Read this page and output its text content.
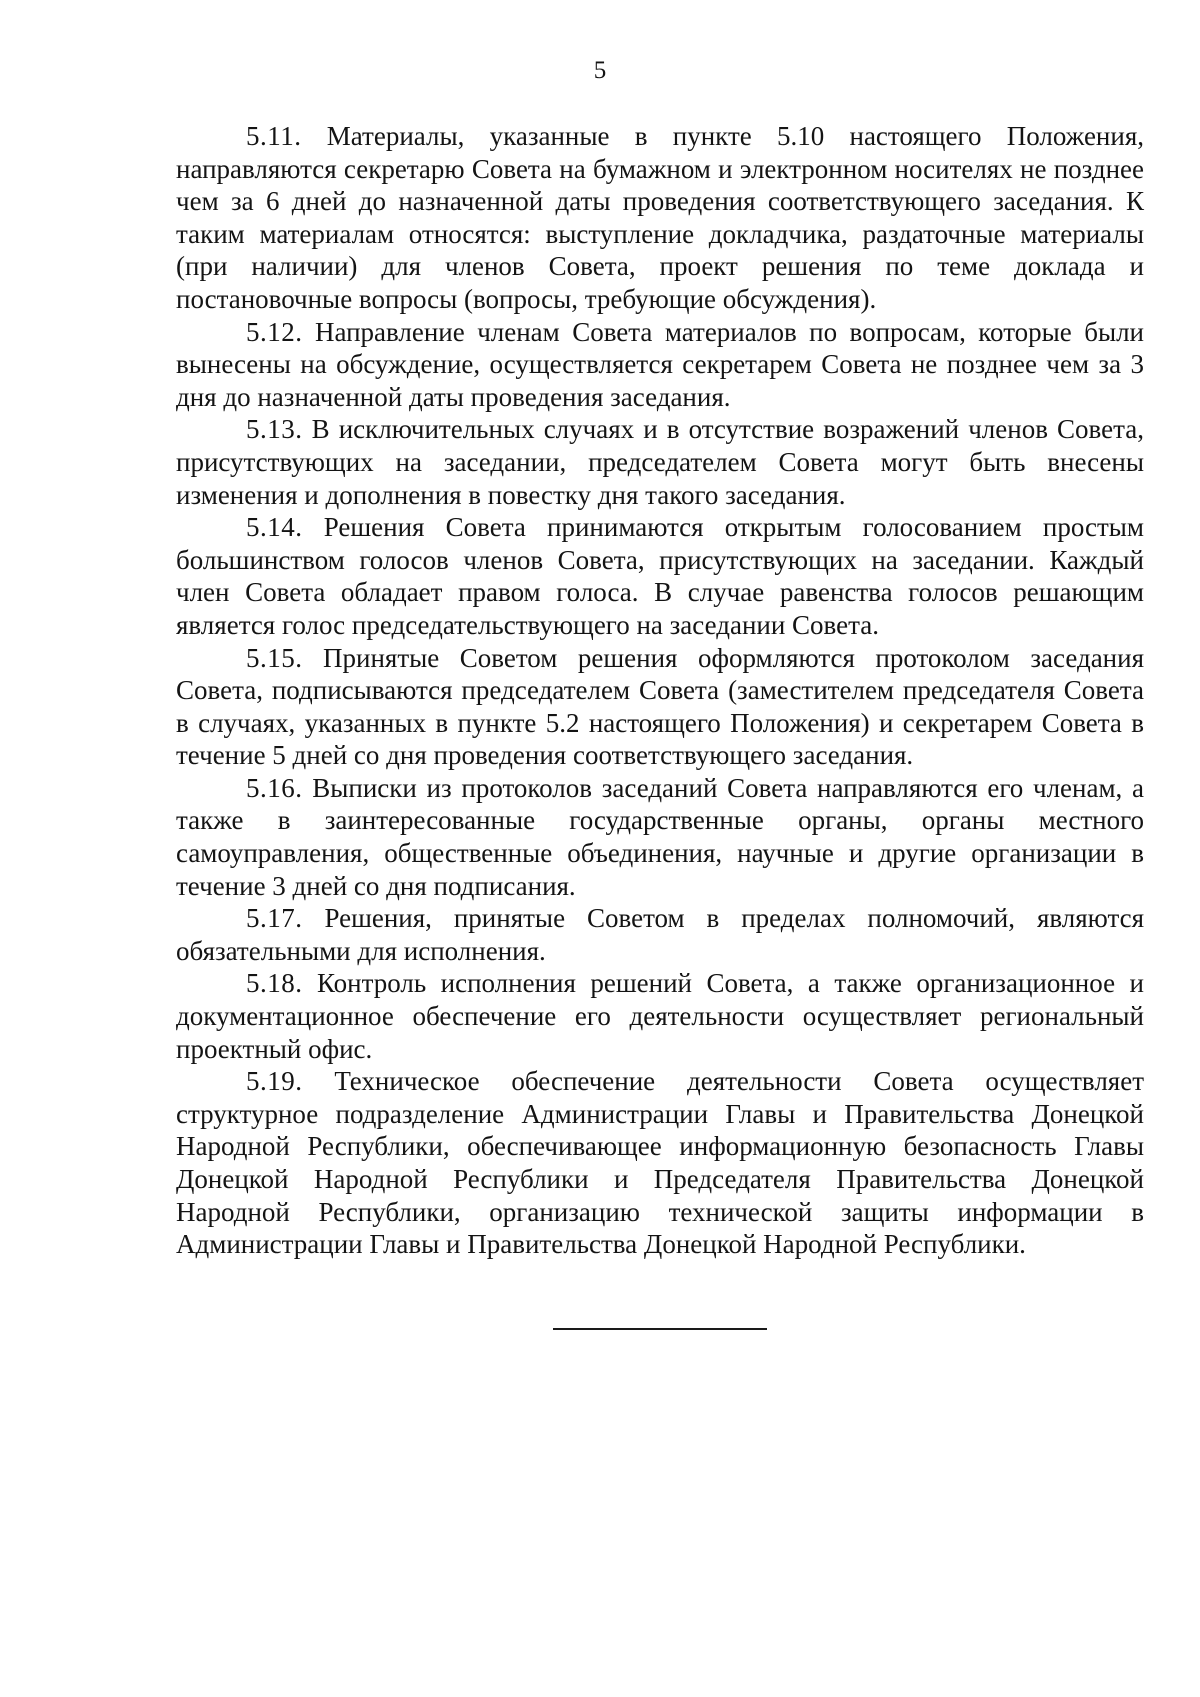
5

5.11. Материалы, указанные в пункте 5.10 настоящего Положения, направляются секретарю Совета на бумажном и электронном носителях не позднее чем за 6 дней до назначенной даты проведения соответствующего заседания. К таким материалам относятся: выступление докладчика, раздаточные материалы (при наличии) для членов Совета, проект решения по теме доклада и постановочные вопросы (вопросы, требующие обсуждения).

5.12. Направление членам Совета материалов по вопросам, которые были вынесены на обсуждение, осуществляется секретарем Совета не позднее чем за 3 дня до назначенной даты проведения заседания.

5.13. В исключительных случаях и в отсутствие возражений членов Совета, присутствующих на заседании, председателем Совета могут быть внесены изменения и дополнения в повестку дня такого заседания.

5.14. Решения Совета принимаются открытым голосованием простым большинством голосов членов Совета, присутствующих на заседании. Каждый член Совета обладает правом голоса. В случае равенства голосов решающим является голос председательствующего на заседании Совета.

5.15. Принятые Советом решения оформляются протоколом заседания Совета, подписываются председателем Совета (заместителем председателя Совета в случаях, указанных в пункте 5.2 настоящего Положения) и секретарем Совета в течение 5 дней со дня проведения соответствующего заседания.

5.16. Выписки из протоколов заседаний Совета направляются его членам, а также в заинтересованные государственные органы, органы местного самоуправления, общественные объединения, научные и другие организации в течение 3 дней со дня подписания.

5.17. Решения, принятые Советом в пределах полномочий, являются обязательными для исполнения.

5.18. Контроль исполнения решений Совета, а также организационное и документационное обеспечение его деятельности осуществляет региональный проектный офис.

5.19. Техническое обеспечение деятельности Совета осуществляет структурное подразделение Администрации Главы и Правительства Донецкой Народной Республики, обеспечивающее информационную безопасность Главы Донецкой Народной Республики и Председателя Правительства Донецкой Народной Республики, организацию технической защиты информации в Администрации Главы и Правительства Донецкой Народной Республики.
